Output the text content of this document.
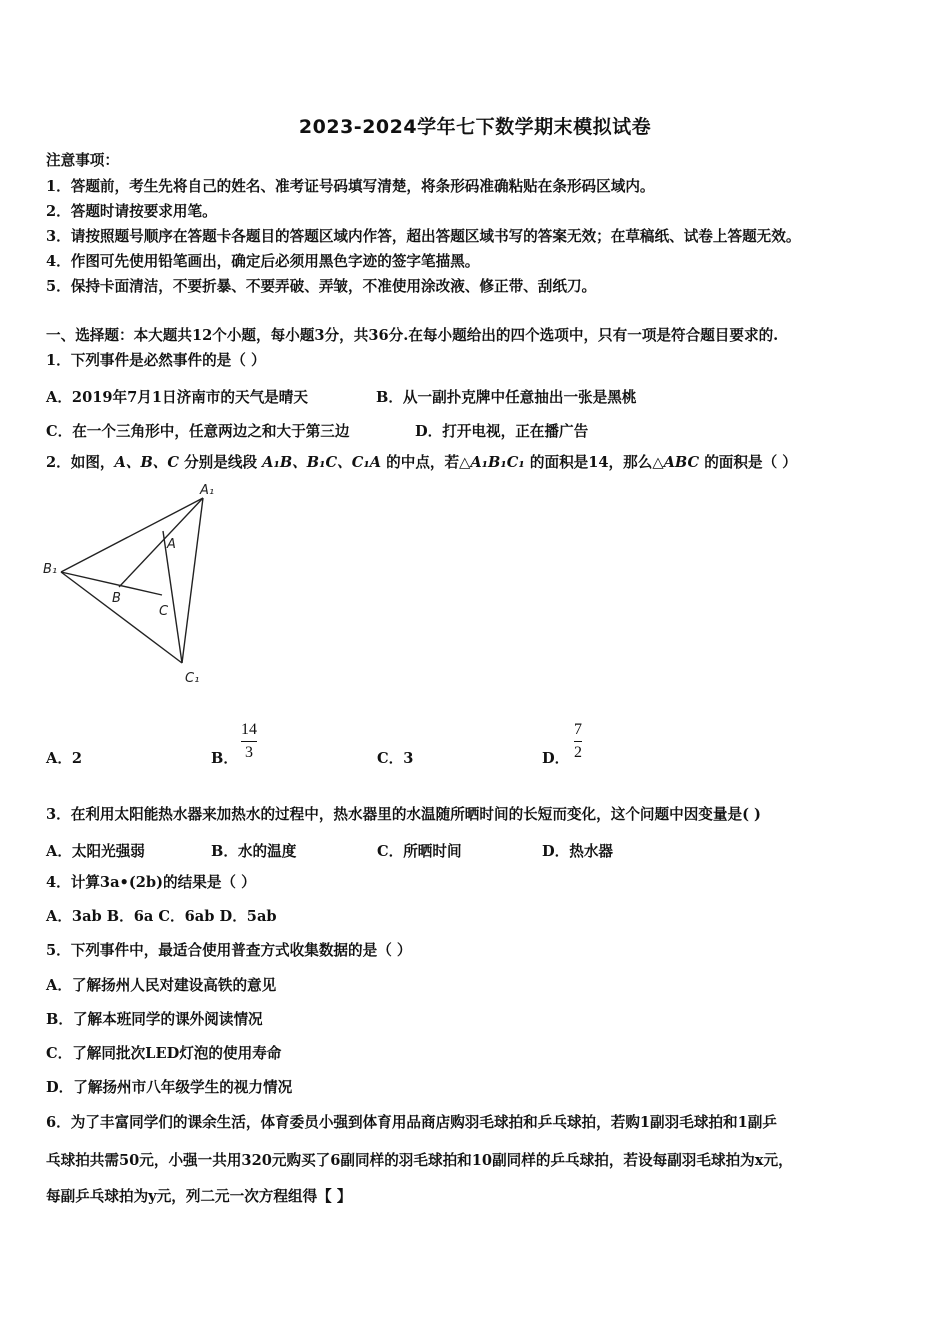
2023-2024学年七下数学期末模拟试卷
注意事项：
1．答题前，考生先将自己的姓名、准考证号码填写清楚，将条形码准确粘贴在条形码区域内。
2．答题时请按要求用笔。
3．请按照题号顺序在答题卡各题目的答题区域内作答，超出答题区域书写的答案无效；在草稿纸、试卷上答题无效。
4．作图可先使用铅笔画出，确定后必须用黑色字迹的签字笔描黑。
5．保持卡面清洁，不要折暴、不要弄破、弄皱，不准使用涂改液、修正带、刮纸刀。
一、选择题：本大题共12个小题，每小题3分，共36分.在每小题给出的四个选项中，只有一项是符合题目要求的.
1．下列事件是必然事件的是（ ）
A．2019年7月1日济南市的天气是晴天	B．从一副扑克牌中任意抽出一张是黑桃
C．在一个三角形中，任意两边之和大于第三边	D．打开电视，正在播广告
2．如图，A、B、C 分别是线段 A₁B、B₁C、C₁A 的中点，若△A₁B₁C₁ 的面积是14，那么△ABC 的面积是（ ）
A₁
B₁
C₁
A
B
C
A．2	B．
14
3	C．3	D．
7
2
3．在利用太阳能热水器来加热水的过程中，热水器里的水温随所晒时间的长短而变化，这个问题中因变量是( )
A．太阳光强弱	B．水的温度	C．所晒时间	D．热水器
4．计算3a•(2b)的结果是（ ）
A．3ab B．6a C．6ab D．5ab
5．下列事件中，最适合使用普查方式收集数据的是（ ）
A．了解扬州人民对建设高铁的意见
B．了解本班同学的课外阅读情况
C．了解同批次LED灯泡的使用寿命
D．了解扬州市八年级学生的视力情况
6．为了丰富同学们的课余生活，体育委员小强到体育用品商店购羽毛球拍和乒乓球拍，若购1副羽毛球拍和1副乒
乓球拍共需50元，小强一共用320元购买了6副同样的羽毛球拍和10副同样的乒乓球拍，若设每副羽毛球拍为x元，
每副乒乓球拍为y元，列二元一次方程组得【 】
